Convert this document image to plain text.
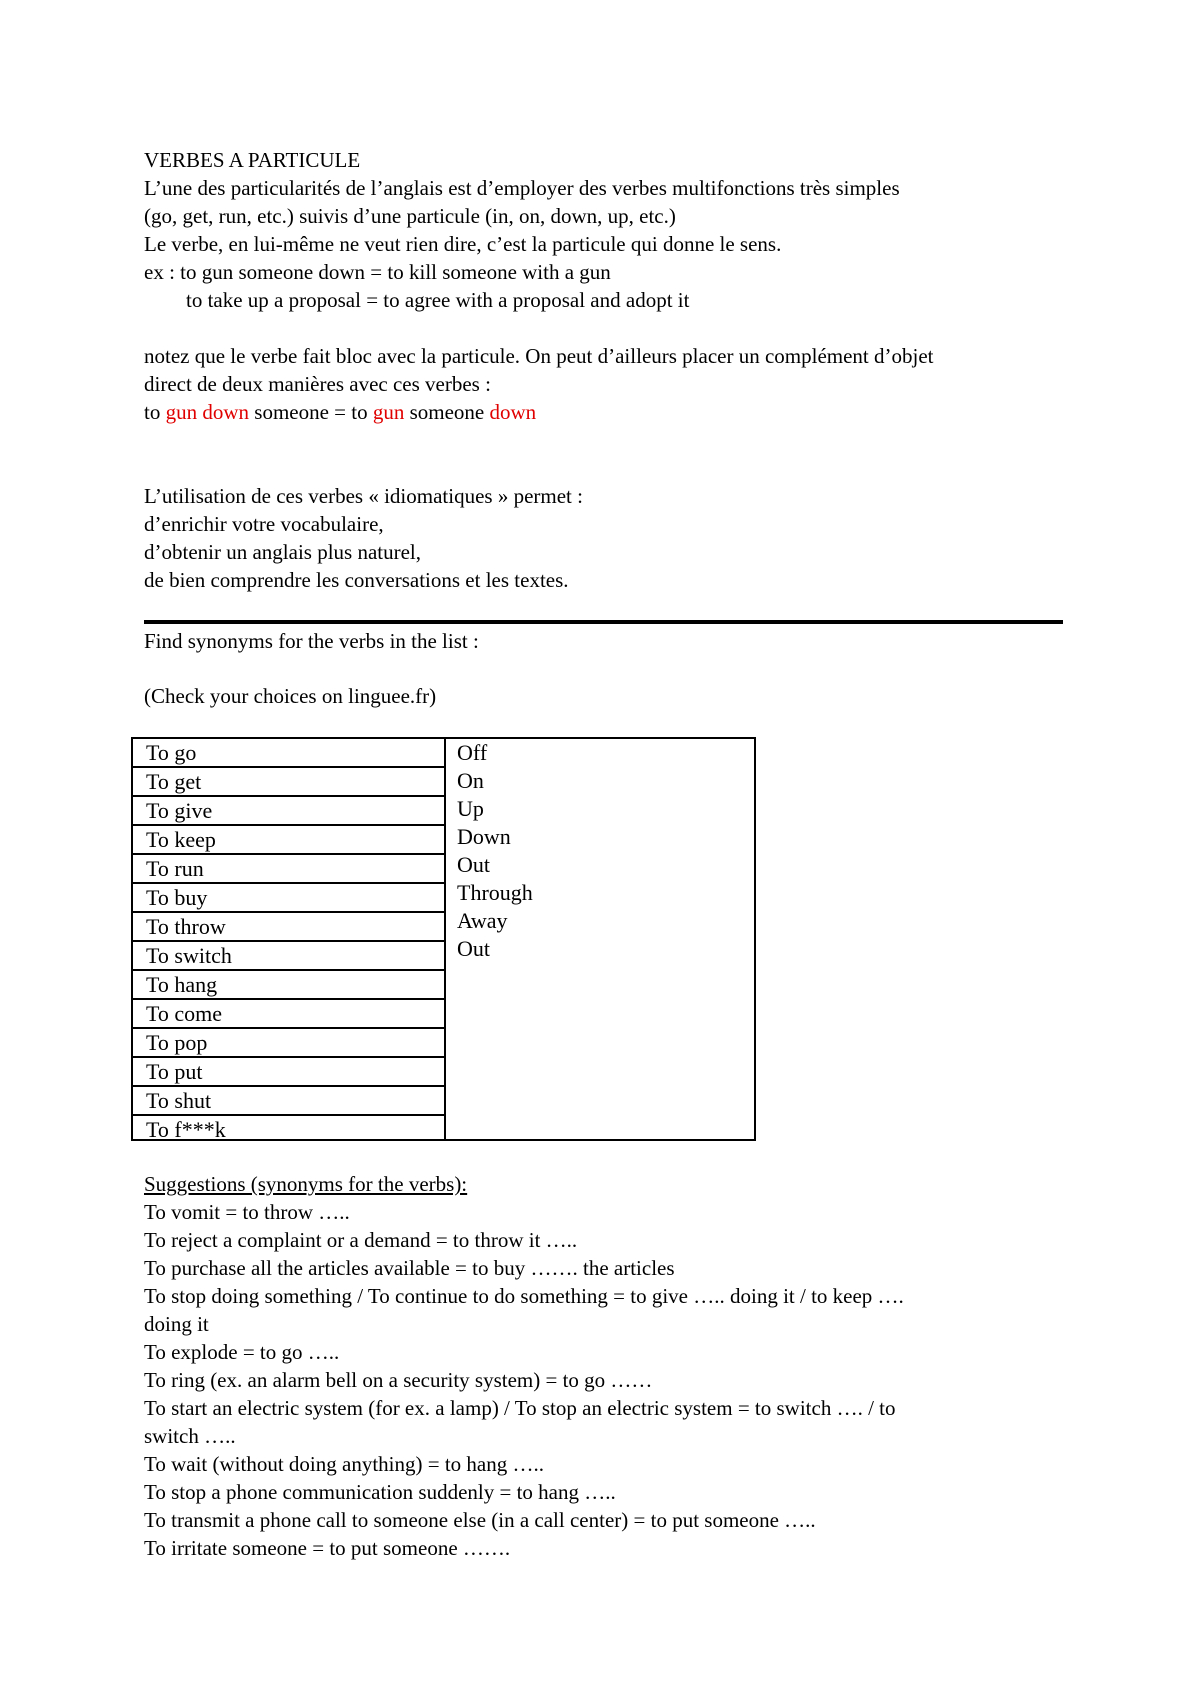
VERBES A PARTICULE
L’une des particularités de l’anglais est d’employer des verbes multifonctions très simples
(go, get, run, etc.) suivis d’une particule (in, on, down, up, etc.)
Le verbe, en lui-même ne veut rien dire, c’est la particule qui donne le sens.
ex : to gun someone down = to kill someone with a gun
to take up a proposal = to agree with a proposal and adopt it
notez que le verbe fait bloc avec la particule. On peut d’ailleurs placer un complément d’objet
direct de deux manières avec ces verbes :
to gun down someone = to gun someone down
L’utilisation de ces verbes « idiomatiques » permet :
d’enrichir votre vocabulaire,
d’obtenir un anglais plus naturel,
de bien comprendre les conversations et les textes.
Find synonyms for the verbs in the list :
(Check your choices on linguee.fr)
To go
To get
To give
To keep
To run
To buy
To throw
To switch
To hang
To come
To pop
To put
To shut
To f***k
Off
On
Up
Down
Out
Through
Away
Out
Suggestions (synonyms for the verbs):
To vomit = to throw …..
To reject a complaint or a demand = to throw it …..
To purchase all the articles available = to buy ……. the articles
To stop doing something / To continue to do something = to give ….. doing it / to keep ….
doing it
To explode = to go …..
To ring (ex. an alarm bell on a security system) = to go ……
To start an electric system (for ex. a lamp) / To stop an electric system = to switch …. / to
switch …..
To wait (without doing anything) = to hang …..
To stop a phone communication suddenly = to hang …..
To transmit a phone call to someone else (in a call center) = to put someone …..
To irritate someone = to put someone …….
